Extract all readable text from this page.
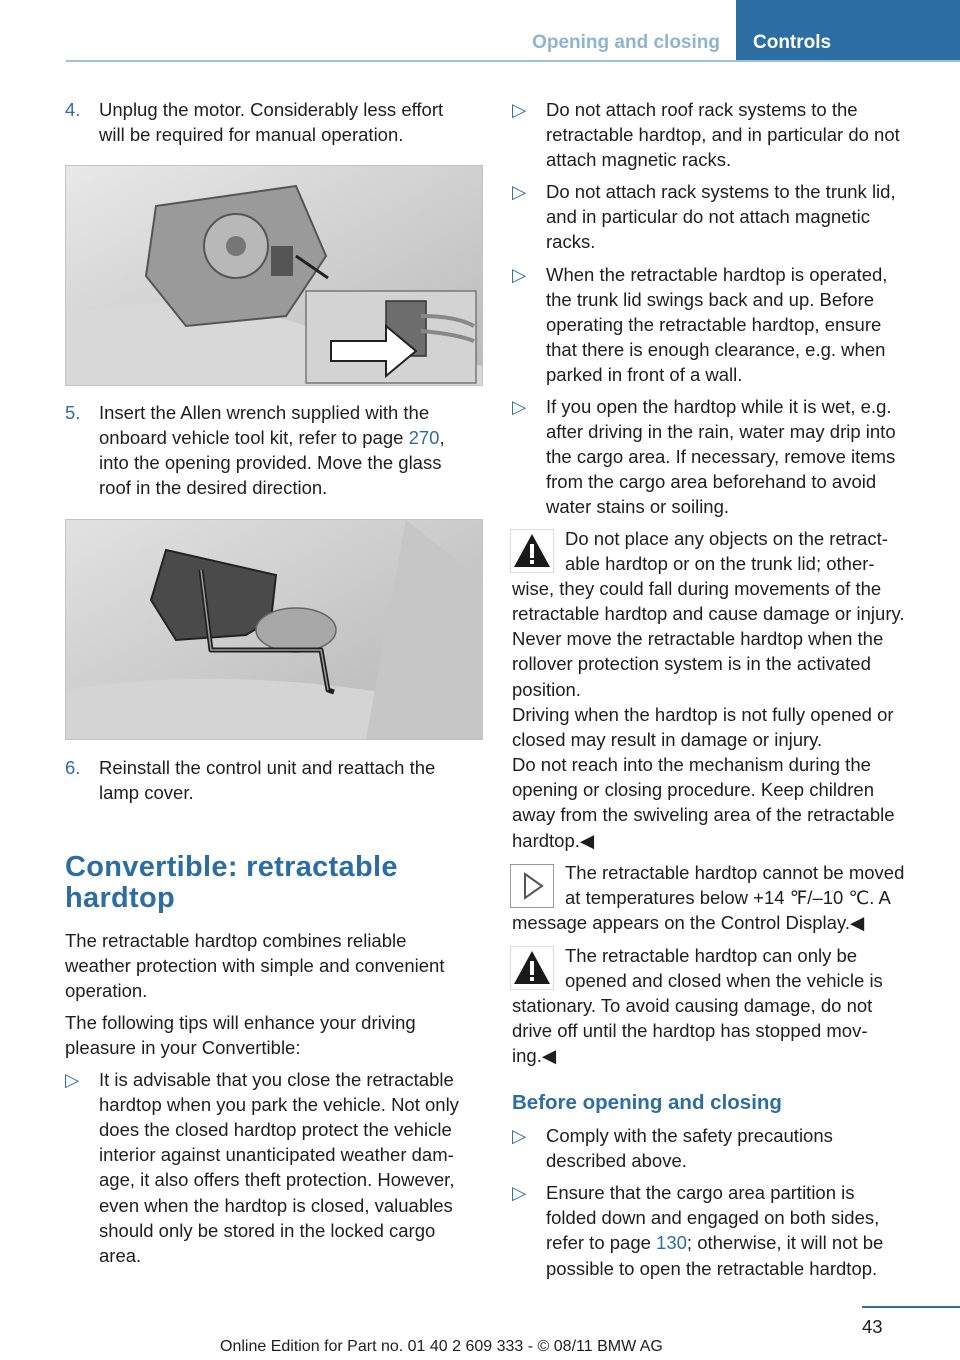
Opening and closing	Controls
4. Unplug the motor. Considerably less effort
will be required for manual operation.
5. Insert the Allen wrench supplied with the
onboard vehicle tool kit, refer to page 270,
into the opening provided. Move the glass
roof in the desired direction.
6. Reinstall the control unit and reattach the
lamp cover.
Convertible: retractable
hardtop
The retractable hardtop combines reliable
weather protection with simple and convenient
operation.
The following tips will enhance your driving
pleasure in your Convertible:
▷ It is advisable that you close the retractable
hardtop when you park the vehicle. Not only
does the closed hardtop protect the vehicle
interior against unanticipated weather dam-
age, it also offers theft protection. However,
even when the hardtop is closed, valuables
should only be stored in the locked cargo
area.
▷ Do not attach roof rack systems to the
retractable hardtop, and in particular do not
attach magnetic racks.
▷ Do not attach rack systems to the trunk lid,
and in particular do not attach magnetic
racks.
▷ When the retractable hardtop is operated,
the trunk lid swings back and up. Before
operating the retractable hardtop, ensure
that there is enough clearance, e.g. when
parked in front of a wall.
▷ If you open the hardtop while it is wet, e.g.
after driving in the rain, water may drip into
the cargo area. If necessary, remove items
from the cargo area beforehand to avoid
water stains or soiling.
Do not place any objects on the retract-
able hardtop or on the trunk lid; other-
wise, they could fall during movements of the
retractable hardtop and cause damage or injury.
Never move the retractable hardtop when the
rollover protection system is in the activated
position.
Driving when the hardtop is not fully opened or
closed may result in damage or injury.
Do not reach into the mechanism during the
opening or closing procedure. Keep children
away from the swiveling area of the retractable
hardtop.◀
The retractable hardtop cannot be moved
at temperatures below +14 ℉/–10 ℃. A
message appears on the Control Display.◀
The retractable hardtop can only be
opened and closed when the vehicle is
stationary. To avoid causing damage, do not
drive off until the hardtop has stopped mov-
ing.◀
Before opening and closing
▷ Comply with the safety precautions
described above.
▷ Ensure that the cargo area partition is
folded down and engaged on both sides,
refer to page 130; otherwise, it will not be
possible to open the retractable hardtop.
43
Online Edition for Part no. 01 40 2 609 333 - © 08/11 BMW AG
